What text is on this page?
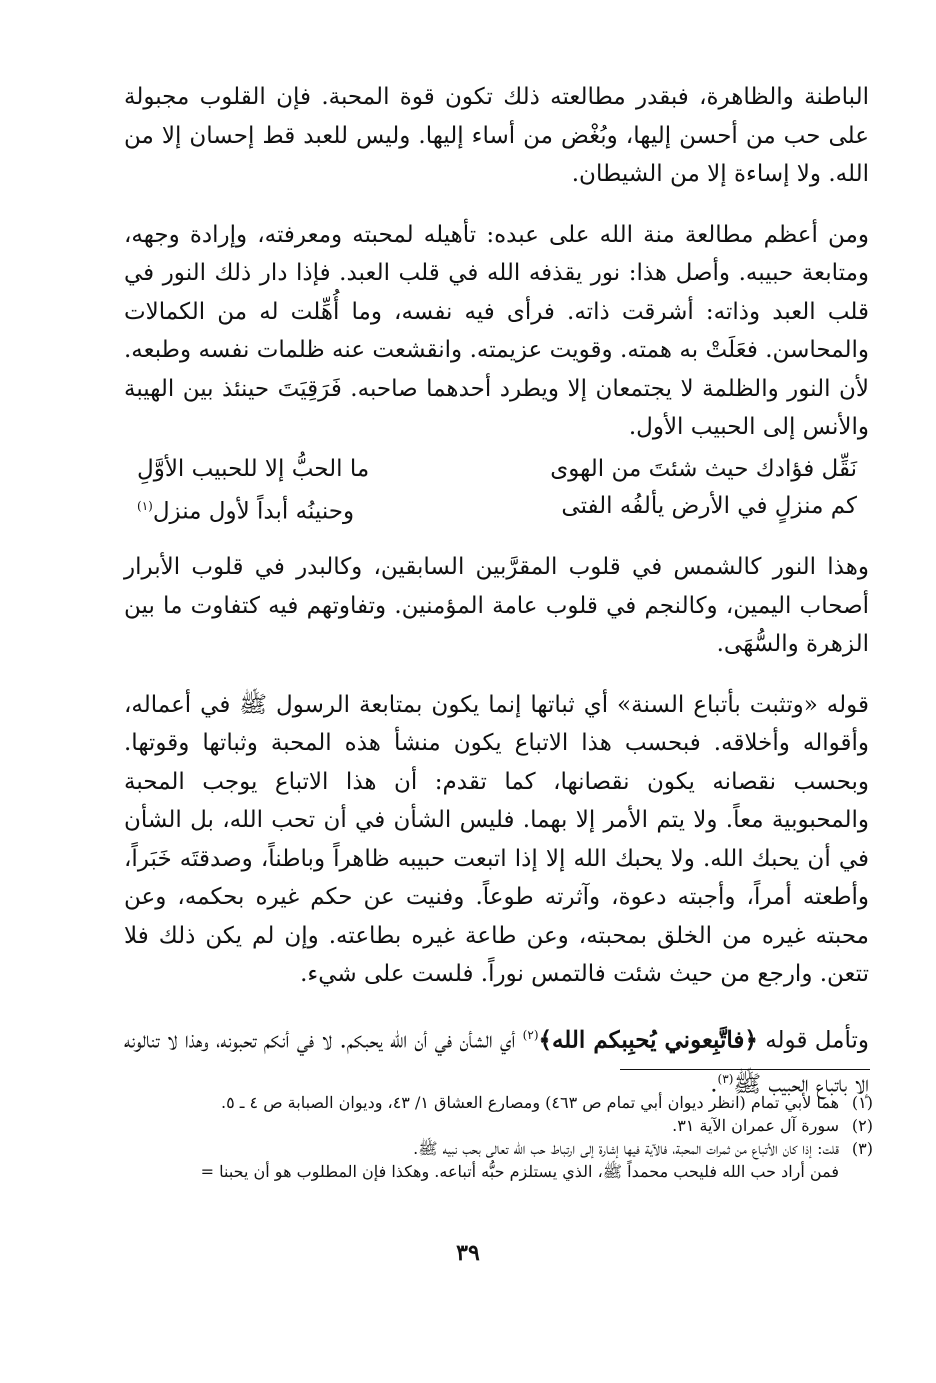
الباطنة والظاهرة، فبقدر مطالعته ذلك تكون قوة المحبة. فإن القلوب مجبولة على حب من أحسن إليها، وبُغْض من أساء إليها. وليس للعبد قط إحسان إلا من الله. ولا إساءة إلا من الشيطان.

ومن أعظم مطالعة منة الله على عبده: تأهيله لمحبته ومعرفته، وإرادة وجهه، ومتابعة حبيبه. وأصل هذا: نور يقذفه الله في قلب العبد. فإذا دار ذلك النور في قلب العبد وذاته: أشرقت ذاته. فرأى فيه نفسه، وما أُهِّلت له من الكمالات والمحاسن. فعَلَتْ به همته. وقويت عزيمته. وانقشعت عنه ظلمات نفسه وطبعه. لأن النور والظلمة لا يجتمعان إلا ويطرد أحدهما صاحبه. فَرَقِيَتَ حينئذ بين الهيبة والأنس إلى الحبيب الأول.

نَقِّل فؤادك حيث شئتَ من الهوى
ما الحبُّ إلا للحبيب الأوَّلِ
كم منزلٍ في الأرض يألفُه الفتى
وحنينُه أبداً لأول منزل$^{(١)}$

وهذا النور كالشمس في قلوب المقرَّبين السابقين، وكالبدر في قلوب الأبرار أصحاب اليمين، وكالنجم في قلوب عامة المؤمنين. وتفاوتهم فيه كتفاوت ما بين الزهرة والسُّهَى.

قوله «وتثبت بأتباع السنة» أي ثباتها إنما يكون بمتابعة الرسول ﷺ في أعماله، وأقواله وأخلاقه. فبحسب هذا الاتباع يكون منشأ هذه المحبة وثباتها وقوتها. وبحسب نقصانه يكون نقصانها، كما تقدم: أن هذا الاتباع يوجب المحبة والمحبوبية معاً. ولا يتم الأمر إلا بهما. فليس الشأن في أن تحب الله، بل الشأن في أن يحبك الله. ولا يحبك الله إلا إذا اتبعت حبيبه ظاهراً وباطناً، وصدقتَه خَبَراً، وأطعته أمراً، وأجبته دعوة، وآثرته طوعاً. وفنيت عن حكم غيره بحكمه، وعن محبته غيره من الخلق بمحبته، وعن طاعة غيره بطاعته. وإن لم يكن ذلك فلا تتعن. وارجع من حيث شئت فالتمس نوراً. فلست على شيء.

وتأمل قوله ﴿فاتَّبِعوني يُحبِبكم الله﴾$^{(٢)}$ أي الشأن في أن الله يحبكم. لا في أنكم تحبونه، وهذا لا تنالونه إلا باتباع الحبيب ﷺ$^{(٣)}$.

(١)
هما لأبي تمام (انظر ديوان أبي تمام ص ٤٦٣) ومصارع العشاق ١/ ٤٣، وديوان الصبابة ص ٤ ـ ٥.
(٢)
سورة آل عمران الآية ٣١.
(٣)
قلت: إذا كان الأتباع من ثمرات المحبة، فالآية فيها إشارة إلى ارتباط حب الله تعالى بحب نبيه ﷺ.
فمن أراد حب الله فليحب محمداً ﷺ، الذي يستلزم حبُّه أتباعه. وهكذا فإن المطلوب هو أن يحبنا =
٣٩
